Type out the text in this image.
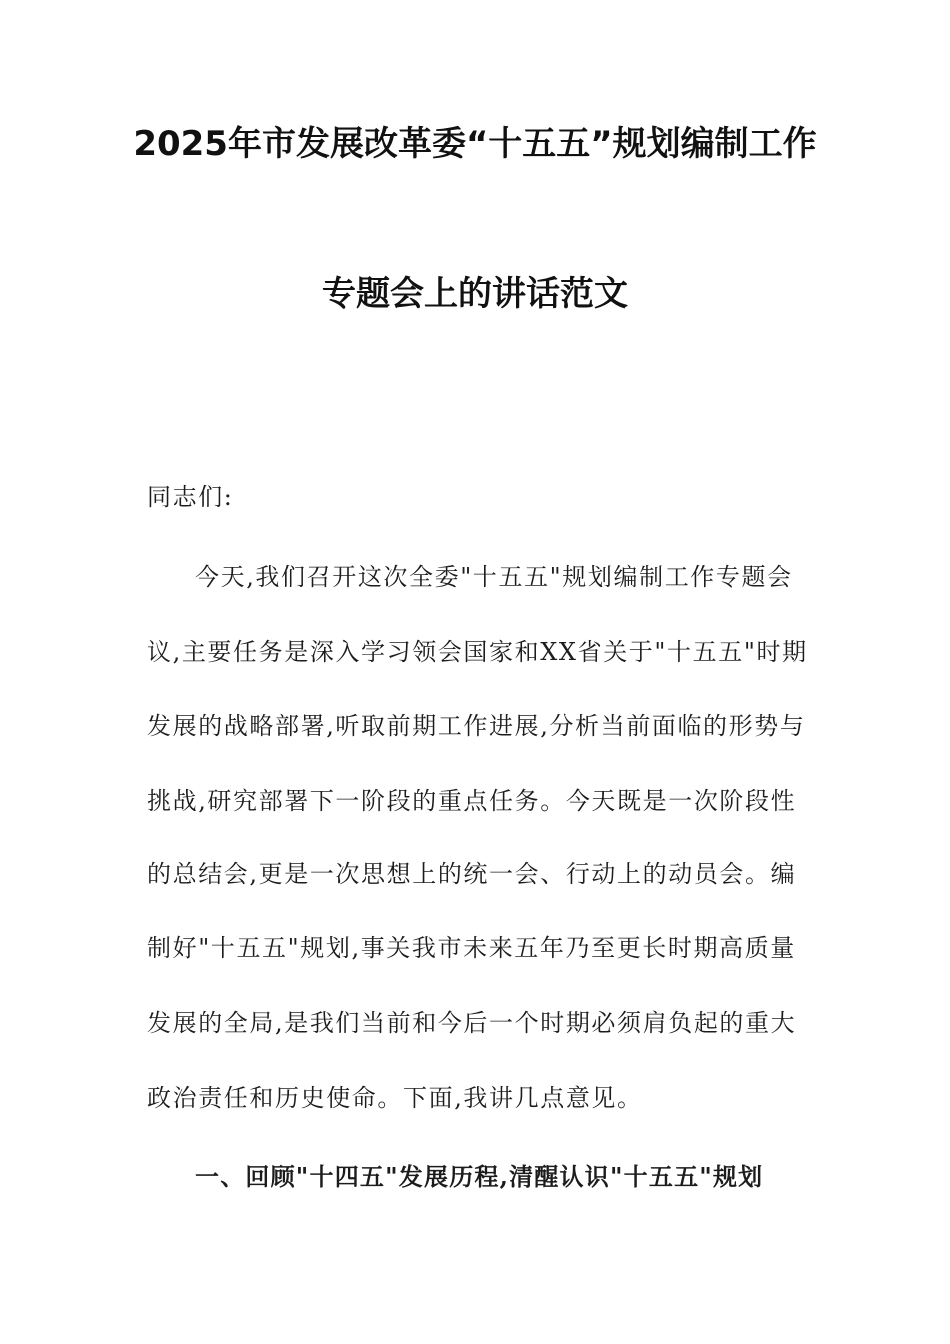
2025年市发展改革委“十五五”规划编制工作
专题会上的讲话范文
同志们:
今天,我们召开这次全委"十五五"规划编制工作专题会
议,主要任务是深入学习领会国家和XX省关于"十五五"时期
发展的战略部署,听取前期工作进展,分析当前面临的形势与
挑战,研究部署下一阶段的重点任务。今天既是一次阶段性
的总结会,更是一次思想上的统一会、行动上的动员会。编
制好"十五五"规划,事关我市未来五年乃至更长时期高质量
发展的全局,是我们当前和今后一个时期必须肩负起的重大
政治责任和历史使命。下面,我讲几点意见。
一、回顾"十四五"发展历程,清醒认识"十五五"规划
